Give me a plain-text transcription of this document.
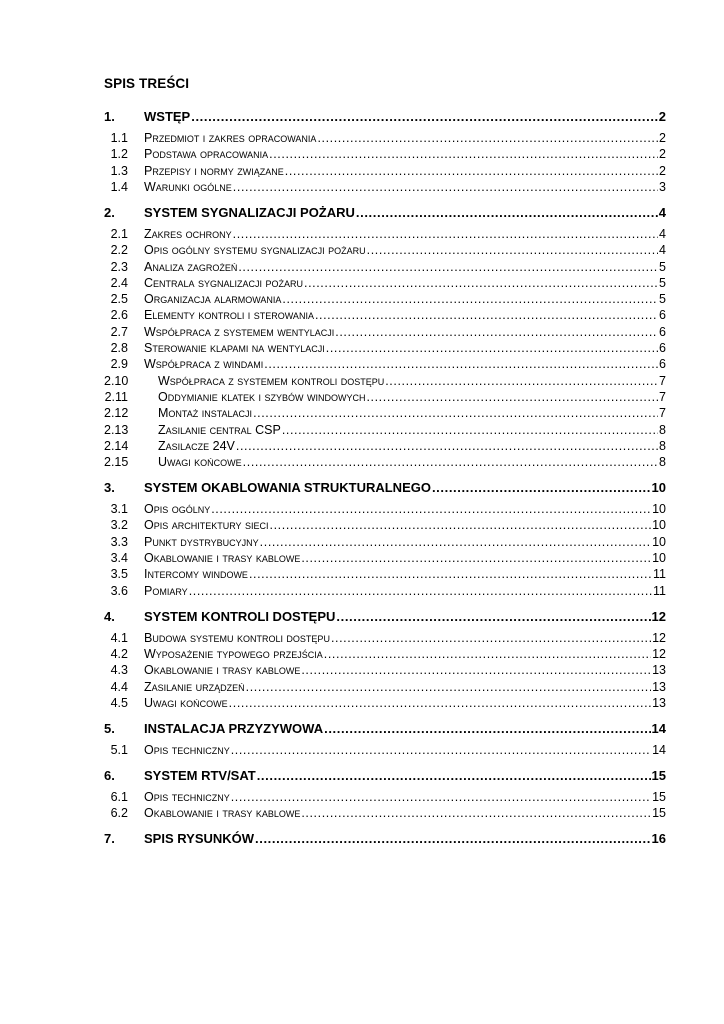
SPIS TREŚCI
1.	WSTĘP .....	2
1.1	Przedmiot i zakres opracowania .....	2
1.2	Podstawa opracowania .....	2
1.3	Przepisy i normy związane .....	2
1.4	Warunki ogólne .....	3
2.	SYSTEM SYGNALIZACJI POŻARU .....	4
2.1	Zakres ochrony .....	4
2.2	Opis ogólny systemu sygnalizacji pożaru .....	4
2.3	Analiza zagrożeń .....	5
2.4	Centrala sygnalizacji pożaru .....	5
2.5	Organizacja alarmowania .....	5
2.6	Elementy kontroli i sterowania .....	6
2.7	Współpraca z systemem wentylacji .....	6
2.8	Sterowanie klapami na wentylacji .....	6
2.9	Współpraca z windami .....	6
2.10	Współpraca z systemem kontroli dostępu .....	7
2.11	Oddymianie klatek i szybów windowych .....	7
2.12	Montaż instalacji .....	7
2.13	Zasilanie central CSP .....	8
2.14	Zasilacze 24V .....	8
2.15	Uwagi końcowe .....	8
3.	SYSTEM OKABLOWANIA STRUKTURALNEGO .....	10
3.1	Opis ogólny .....	10
3.2	Opis architektury sieci .....	10
3.3	Punkt dystrybucyjny .....	10
3.4	Okablowanie i trasy kablowe .....	10
3.5	Intercomy windowe .....	11
3.6	Pomiary .....	11
4.	SYSTEM KONTROLI DOSTĘPU .....	12
4.1	Budowa systemu kontroli dostępu .....	12
4.2	Wyposażenie typowego przejścia .....	12
4.3	Okablowanie i trasy kablowe .....	13
4.4	Zasilanie urządzeń .....	13
4.5	Uwagi końcowe .....	13
5.	INSTALACJA PRZYZYWOWA .....	14
5.1	Opis techniczny .....	14
6.	SYSTEM RTV/SAT .....	15
6.1	Opis techniczny .....	15
6.2	Okablowanie i trasy kablowe .....	15
7.	SPIS RYSUNKÓW .....	16
